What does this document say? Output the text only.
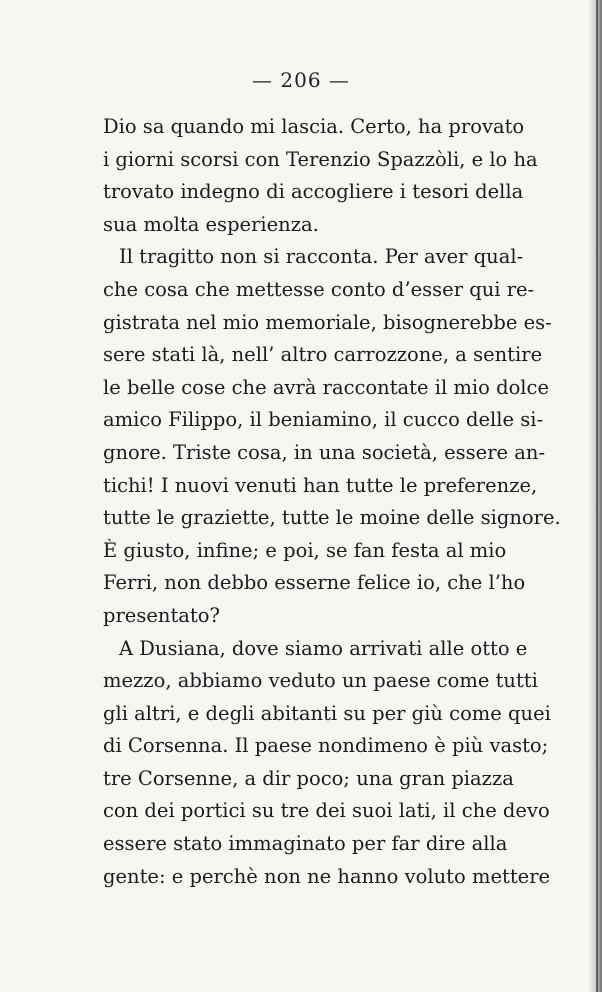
— 206 —
Dio sa quando mi lascia. Certo, ha provato
i giorni scorsi con Terenzio Spazzòli, e lo ha
trovato indegno di accogliere i tesori della
sua molta esperienza.
Il tragitto non si racconta. Per aver qual-
che cosa che mettesse conto d’esser qui re-
gistrata nel mio memoriale, bisognerebbe es-
sere stati là, nell’ altro carrozzone, a sentire
le belle cose che avrà raccontate il mio dolce
amico Filippo, il beniamino, il cucco delle si-
gnore. Triste cosa, in una società, essere an-
tichi! I nuovi venuti han tutte le preferenze,
tutte le graziette, tutte le moine delle signore.
È giusto, infine; e poi, se fan festa al mio
Ferri, non debbo esserne felice io, che l’ho
presentato?
A Dusiana, dove siamo arrivati alle otto e
mezzo, abbiamo veduto un paese come tutti
gli altri, e degli abitanti su per giù come quei
di Corsenna. Il paese nondimeno è più vasto;
tre Corsenne, a dir poco; una gran piazza
con dei portici su tre dei suoi lati, il che devo
essere stato immaginato per far dire alla
gente: e perchè non ne hanno voluto mettere
